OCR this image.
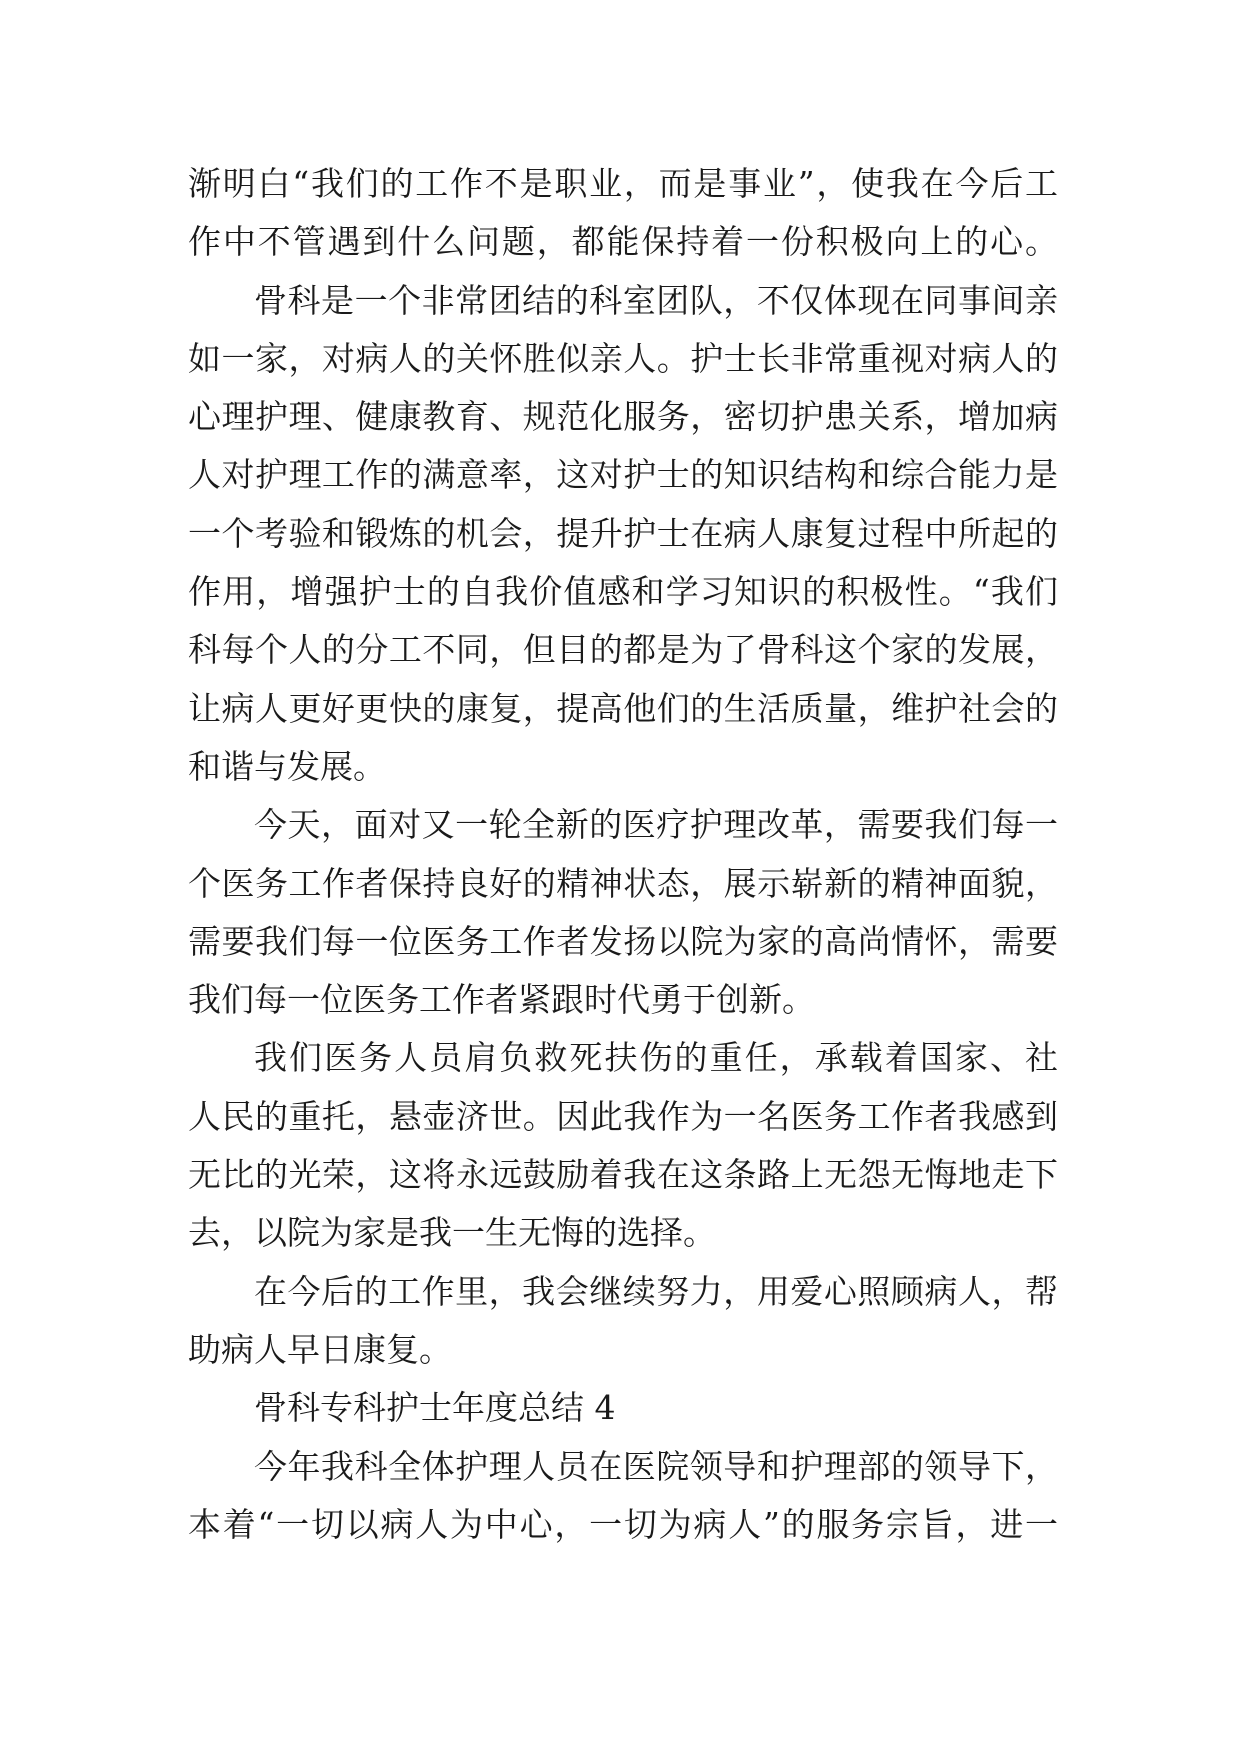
渐明白“我们的工作不是职业，而是事业”，使我在今后工
作中不管遇到什么问题，都能保持着一份积极向上的心。
骨科是一个非常团结的科室团队，不仅体现在同事间亲
如一家，对病人的关怀胜似亲人。护士长非常重视对病人的
心理护理、健康教育、规范化服务，密切护患关系，增加病
人对护理工作的满意率，这对护士的知识结构和综合能力是
一个考验和锻炼的机会，提升护士在病人康复过程中所起的
作用，增强护士的自我价值感和学习知识的积极性。“我们
科每个人的分工不同，但目的都是为了骨科这个家的发展，
让病人更好更快的康复，提高他们的生活质量，维护社会的
和谐与发展。
今天，面对又一轮全新的医疗护理改革，需要我们每一
个医务工作者保持良好的精神状态，展示崭新的精神面貌，
需要我们每一位医务工作者发扬以院为家的高尚情怀，需要
我们每一位医务工作者紧跟时代勇于创新。
我们医务人员肩负救死扶伤的重任，承载着国家、社
人民的重托，悬壶济世。因此我作为一名医务工作者我感到
无比的光荣，这将永远鼓励着我在这条路上无怨无悔地走下
去，以院为家是我一生无悔的选择。
在今后的工作里，我会继续努力，用爱心照顾病人，帮
助病人早日康复。
骨科专科护士年度总结 4
今年我科全体护理人员在医院领导和护理部的领导下，
本着“一切以病人为中心，一切为病人”的服务宗旨，进一
